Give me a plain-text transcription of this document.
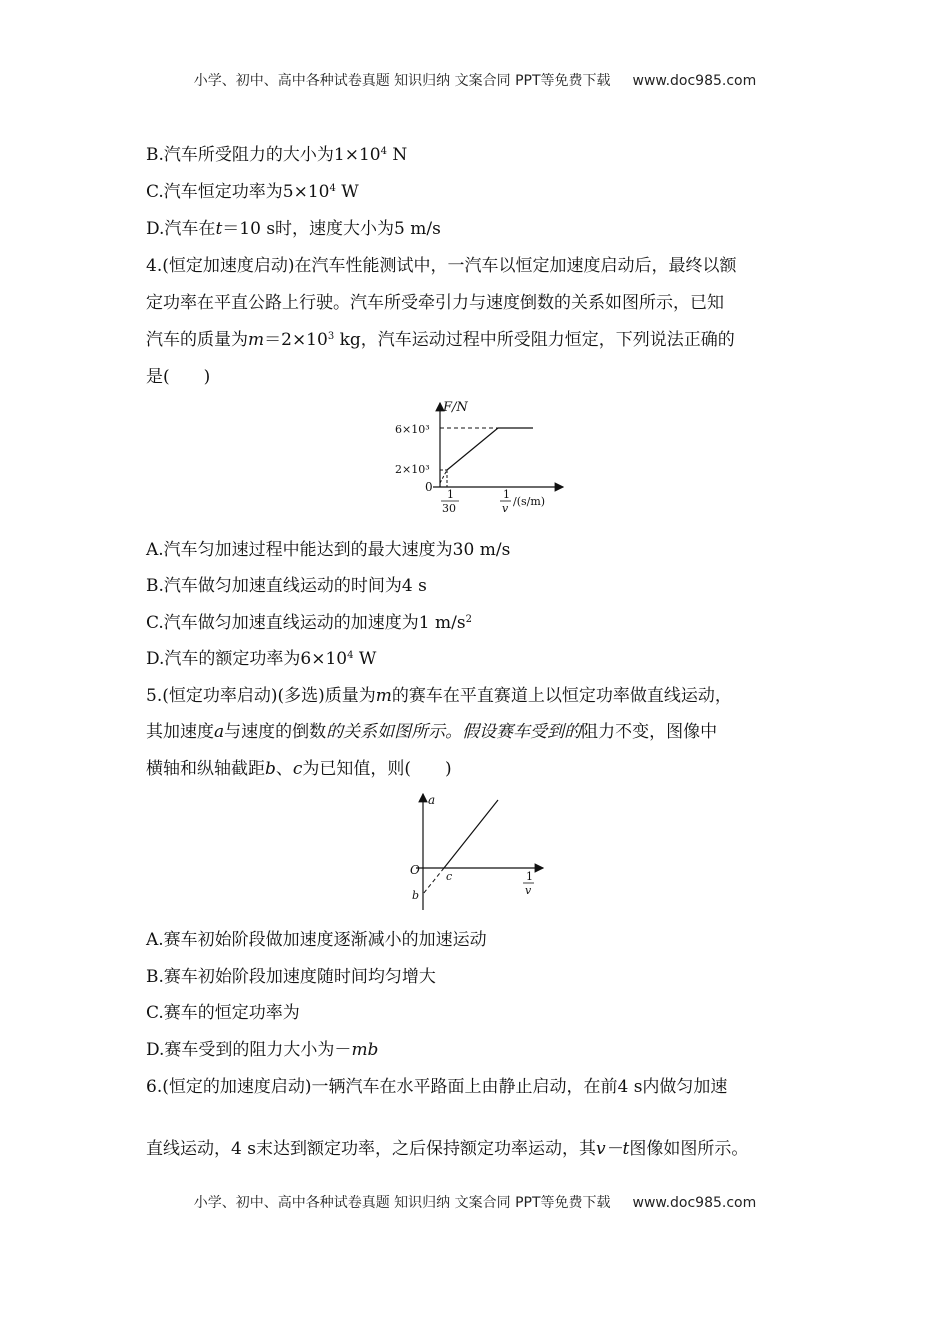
小学、初中、高中各种试卷真题 知识归纳 文案合同 PPT等免费下载 www.doc985.com
B.汽车所受阻力的大小为$1\times 10^4$ N
C.汽车恒定功率为$5\times 10^4$ W
D.汽车在t＝10 s时，速度大小为5 m/s
4.(恒定加速度启动)在汽车性能测试中，一汽车以恒定加速度启动后，最终以额
定功率在平直公路上行驶。汽车所受牵引力与速度倒数的关系如图所示，已知
汽车的质量为$m=2\times 10^3$ kg，汽车运动过程中所受阻力恒定，下列说法正确的
是(　　)
F/N
6×10³
2×10³
0
1
30
1
v
/(s/m)
A.汽车匀加速过程中能达到的最大速度为30 m/s
B.汽车做匀加速直线运动的时间为4 s
C.汽车做匀加速直线运动的加速度为1 $m/s^2$
D.汽车的额定功率为$6\times 10^4$ W
5.(恒定功率启动)(多选)质量为m的赛车在平直赛道上以恒定功率做直线运动，
其加速度a与速度的倒数的关系如图所示。假设赛车受到的阻力不变，图像中
横轴和纵轴截距b、c为已知值，则(　　)
a
O c
b
1
v
A.赛车初始阶段做加速度逐渐减小的加速运动
B.赛车初始阶段加速度随时间均匀增大
C.赛车的恒定功率为
D.赛车受到的阻力大小为－mb
6.(恒定的加速度启动)一辆汽车在水平路面上由静止启动，在前4 s内做匀加速
直线运动，4 s末达到额定功率，之后保持额定功率运动，其v－t图像如图所示。
小学、初中、高中各种试卷真题 知识归纳 文案合同 PPT等免费下载 www.doc985.com
